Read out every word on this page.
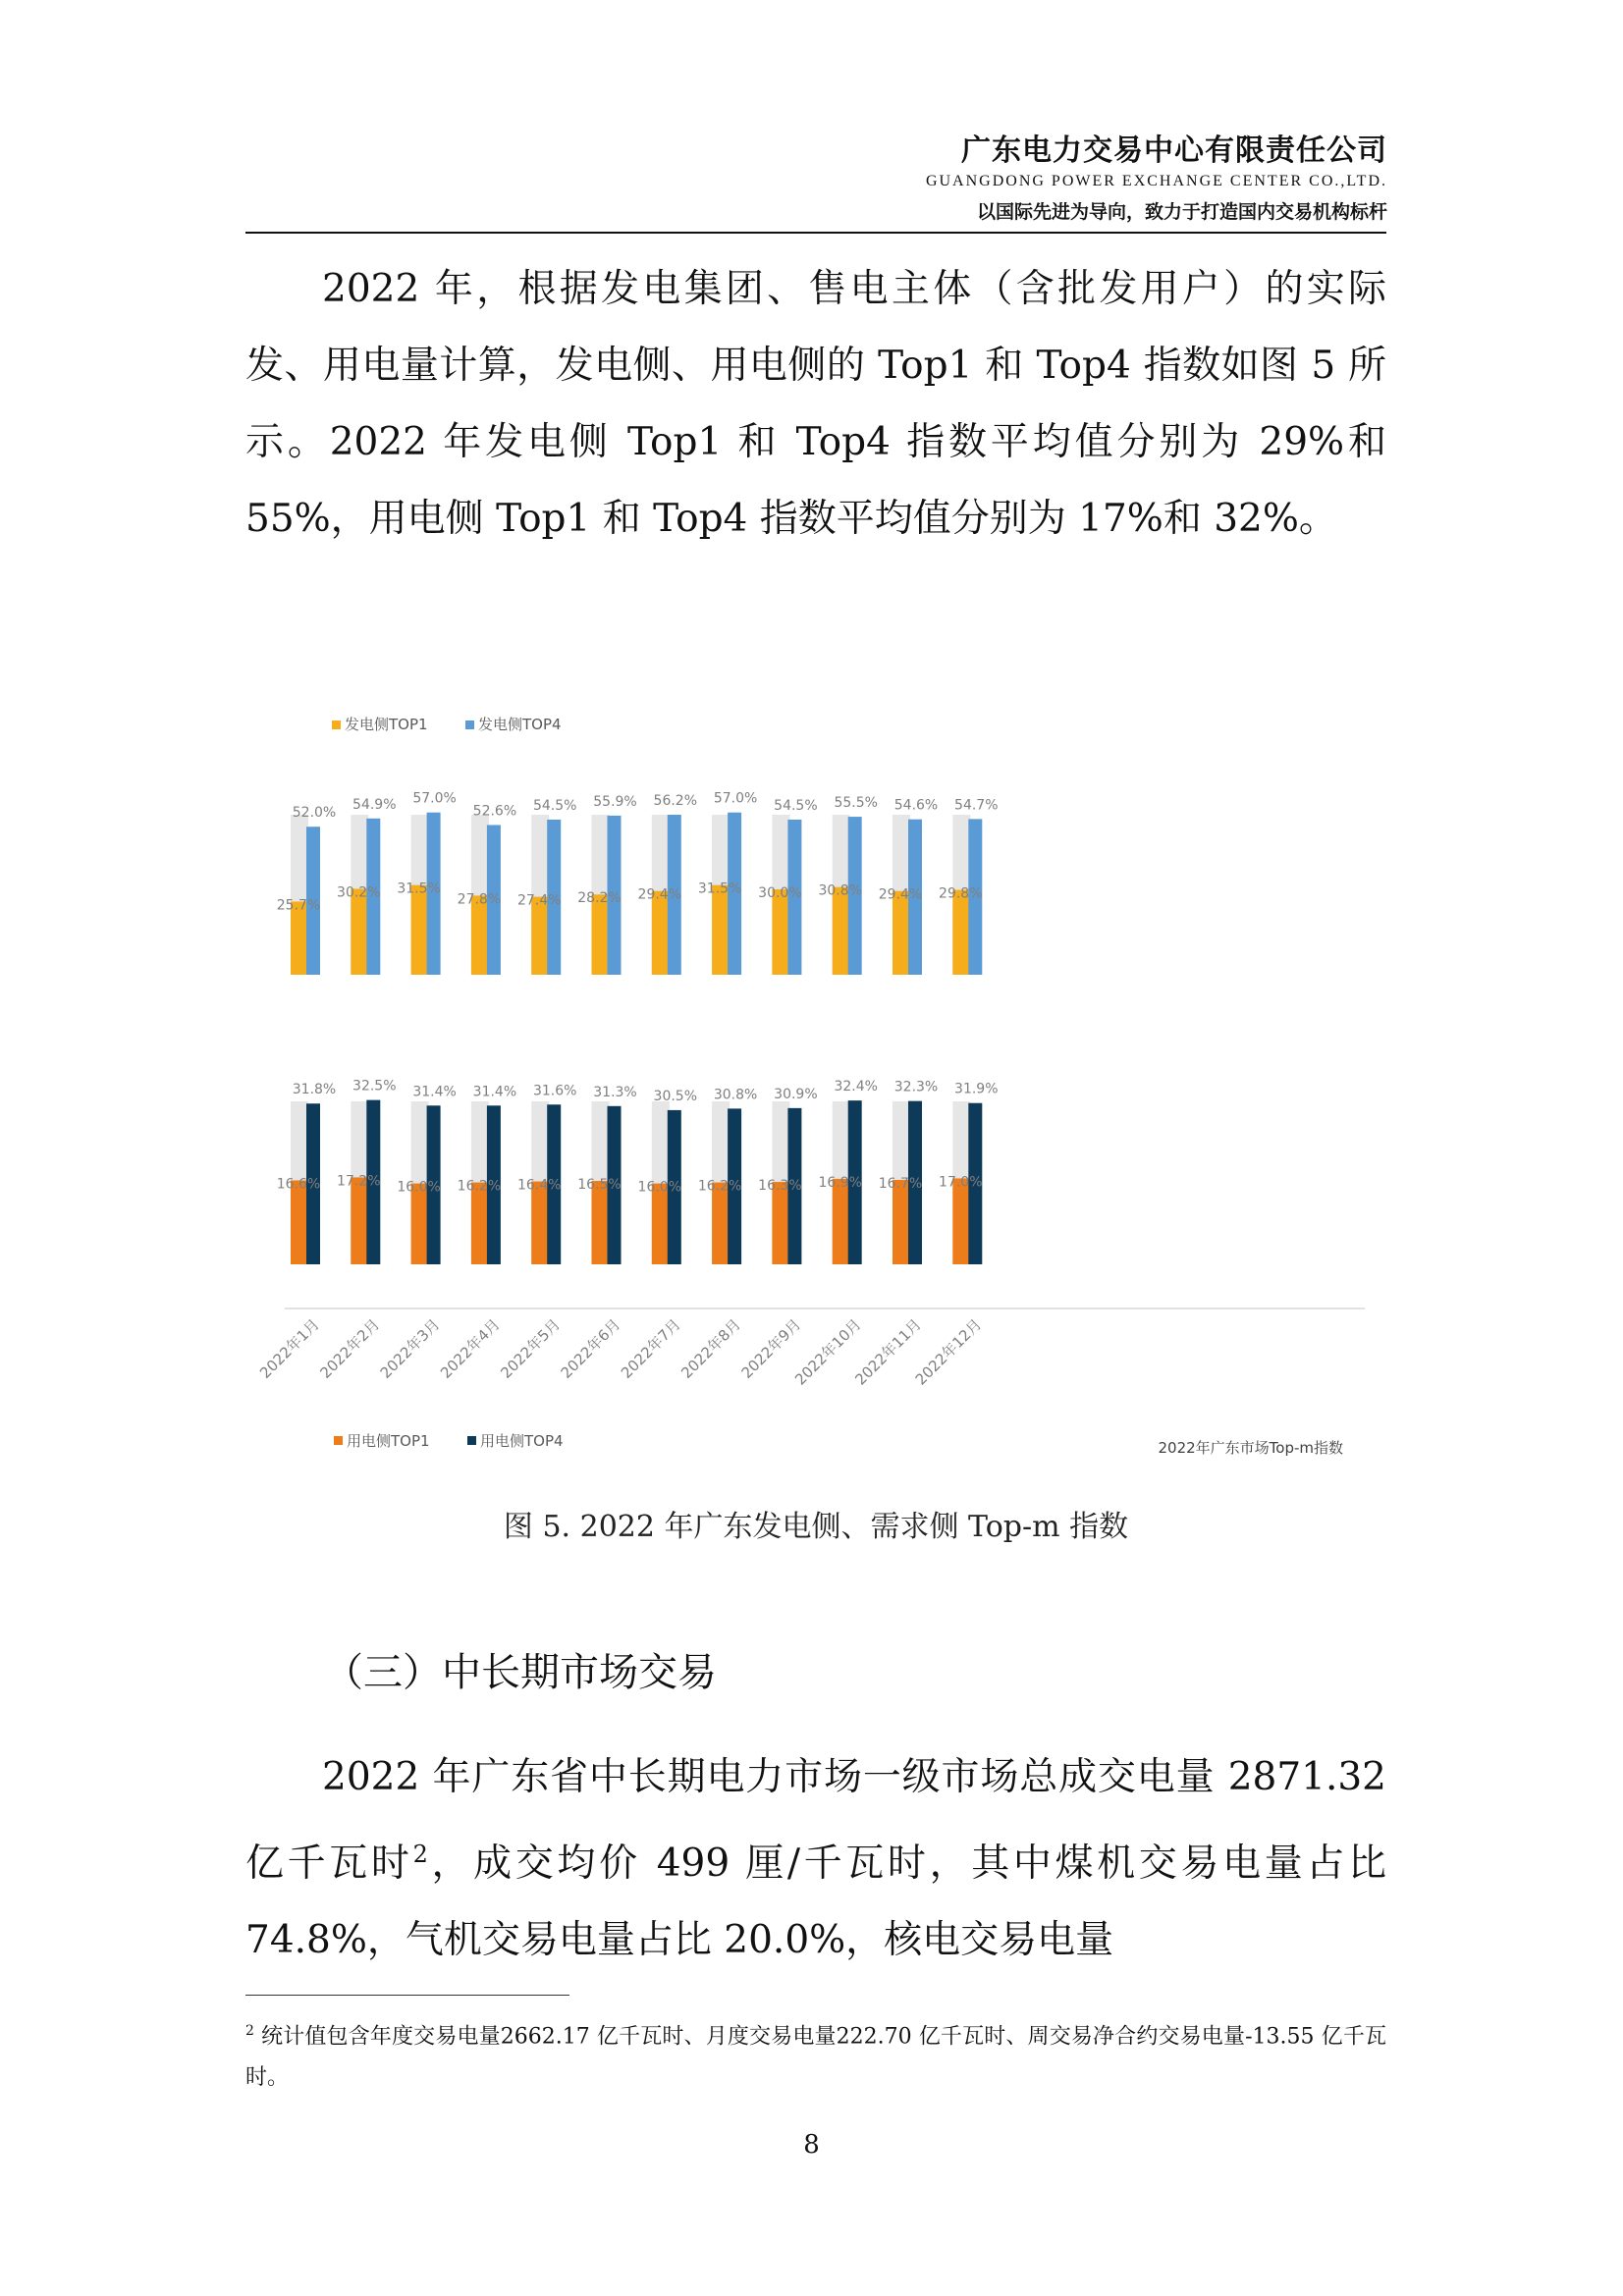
广东电力交易中心有限责任公司
GUANGDONG POWER EXCHANGE CENTER CO.,LTD.
以国际先进为导向，致力于打造国内交易机构标杆

2022 年，根据发电集团、售电主体（含批发用户）的实际发、用电量计算，发电侧、用电侧的 Top1 和 Top4 指数如图 5 所示。2022 年发电侧 Top1 和 Top4 指数平均值分别为 29%和 55%，用电侧 Top1 和 Top4 指数平均值分别为 17%和 32%。

发电侧TOP1	发电侧TOP4
25.7%
52.0%
30.2%
54.9%
31.5%
57.0%
27.8%
52.6%
27.4%
54.5%
28.2%
55.9%
29.4%
56.2%
31.5%
57.0%
30.0%
54.5%
30.8%
55.5%
29.4%
54.6%
29.8%
54.7%
16.6%
31.8%
17.2%
32.5%
16.0%
31.4%
16.2%
31.4%
16.4%
31.6%
16.5%
31.3%
16.0%
30.5%
16.2%
30.8%
16.3%
30.9%
16.9%
32.4%
16.7%
32.3%
17.0%
31.9%
2022年1月
2022年2月
2022年3月
2022年4月
2022年5月
2022年6月
2022年7月
2022年8月
2022年9月
2022年10月
2022年11月
2022年12月
用电侧TOP1	用电侧TOP4	2022年广东市场Top-m指数
图 5. 2022 年广东发电侧、需求侧 Top-m 指数
（三）中长期市场交易

2022 年广东省中长期电力市场一级市场总成交电量 2871.32 亿千瓦时$^2$，成交均价 499 厘/千瓦时，其中煤机交易电量占比 74.8%，气机交易电量占比 20.0%，核电交易电量

$^2$ 统计值包含年度交易电量2662.17 亿千瓦时、月度交易电量222.70 亿千瓦时、周交易净合约交易电量-13.55 亿千瓦时。
8
